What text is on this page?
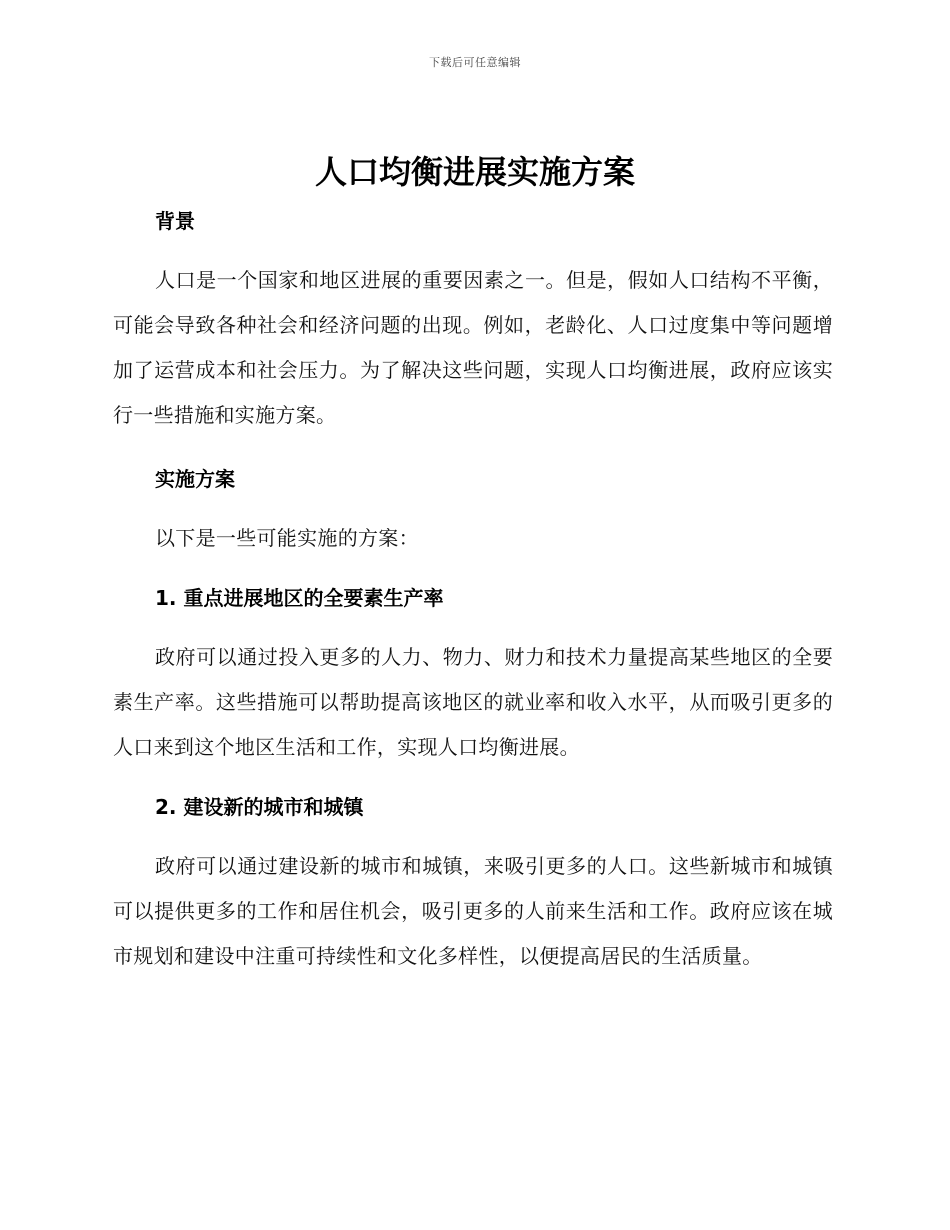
下载后可任意编辑
人口均衡进展实施方案
背景

人口是一个国家和地区进展的重要因素之一。但是，假如人口结构不平衡，可能会导致各种社会和经济问题的出现。例如，老龄化、人口过度集中等问题增加了运营成本和社会压力。为了解决这些问题，实现人口均衡进展，政府应该实行一些措施和实施方案。

实施方案

以下是一些可能实施的方案：

1. 重点进展地区的全要素生产率

政府可以通过投入更多的人力、物力、财力和技术力量提高某些地区的全要素生产率。这些措施可以帮助提高该地区的就业率和收入水平，从而吸引更多的人口来到这个地区生活和工作，实现人口均衡进展。

2. 建设新的城市和城镇

政府可以通过建设新的城市和城镇，来吸引更多的人口。这些新城市和城镇可以提供更多的工作和居住机会，吸引更多的人前来生活和工作。政府应该在城市规划和建设中注重可持续性和文化多样性，以便提高居民的生活质量。
